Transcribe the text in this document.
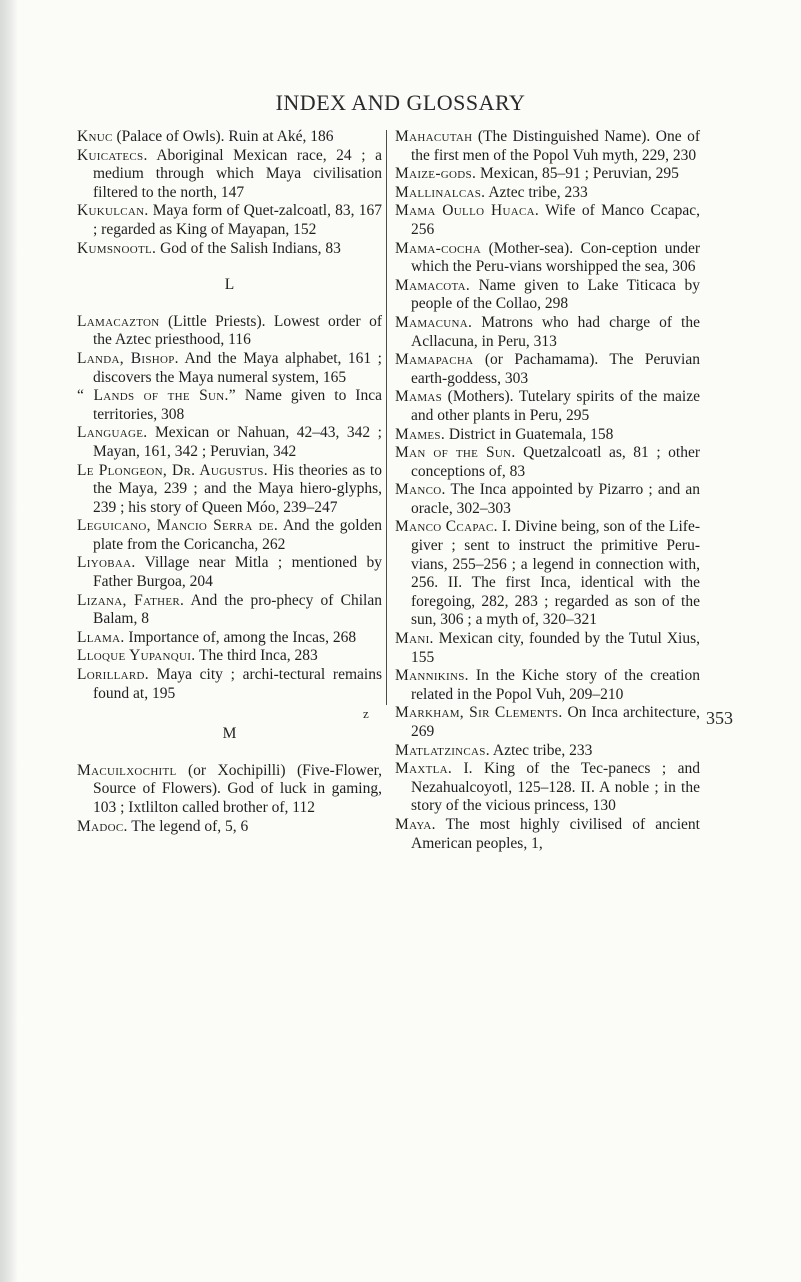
INDEX AND GLOSSARY

Knuc (Palace of Owls). Ruin at Aké, 186

Kuicatecs. Aboriginal Mexican race, 24 ; a medium through which Maya civilisation filtered to the north, 147

Kukulcan. Maya form of Quet-zalcoatl, 83, 167 ; regarded as King of Mayapan, 152

Kumsnootl. God of the Salish Indians, 83

L

Lamacazton (Little Priests). Lowest order of the Aztec priesthood, 116

Landa, Bishop. And the Maya alphabet, 161 ; discovers the Maya numeral system, 165

“ Lands of the Sun.” Name given to Inca territories, 308

Language. Mexican or Nahuan, 42–43, 342 ; Mayan, 161, 342 ; Peruvian, 342

Le Plongeon, Dr. Augustus. His theories as to the Maya, 239 ; and the Maya hiero-glyphs, 239 ; his story of Queen Móo, 239–247

Leguicano, Mancio Serra de. And the golden plate from the Coricancha, 262

Liyobaa. Village near Mitla ; mentioned by Father Burgoa, 204

Lizana, Father. And the pro-phecy of Chilan Balam, 8

Llama. Importance of, among the Incas, 268

Lloque Yupanqui. The third Inca, 283

Lorillard. Maya city ; archi-tectural remains found at, 195

M

Macuilxochitl (or Xochipilli) (Five-Flower, Source of Flowers). God of luck in gaming, 103 ; Ixtlilton called brother of, 112

Madoc. The legend of, 5, 6

Mahacutah (The Distinguished Name). One of the first men of the Popol Vuh myth, 229, 230

Maize-gods. Mexican, 85–91 ; Peruvian, 295

Mallinalcas. Aztec tribe, 233

Mama Oullo Huaca. Wife of Manco Ccapac, 256

Mama-cocha (Mother-sea). Con-ception under which the Peru-vians worshipped the sea, 306

Mamacota. Name given to Lake Titicaca by people of the Collao, 298

Mamacuna. Matrons who had charge of the Acllacuna, in Peru, 313

Mamapacha (or Pachamama). The Peruvian earth-goddess, 303

Mamas (Mothers). Tutelary spirits of the maize and other plants in Peru, 295

Mames. District in Guatemala, 158

Man of the Sun. Quetzalcoatl as, 81 ; other conceptions of, 83

Manco. The Inca appointed by Pizarro ; and an oracle, 302–303

Manco Ccapac. I. Divine being, son of the Life-giver ; sent to instruct the primitive Peru-vians, 255–256 ; a legend in connection with, 256. II. The first Inca, identical with the foregoing, 282, 283 ; regarded as son of the sun, 306 ; a myth of, 320–321

Mani. Mexican city, founded by the Tutul Xius, 155

Mannikins. In the Kiche story of the creation related in the Popol Vuh, 209–210

Markham, Sir Clements. On Inca architecture, 269

Matlatzincas. Aztec tribe, 233

Maxtla. I. King of the Tec-panecs ; and Nezahualcoyotl, 125–128. II. A noble ; in the story of the vicious princess, 130

Maya. The most highly civilised of ancient American peoples, 1,

z	353
